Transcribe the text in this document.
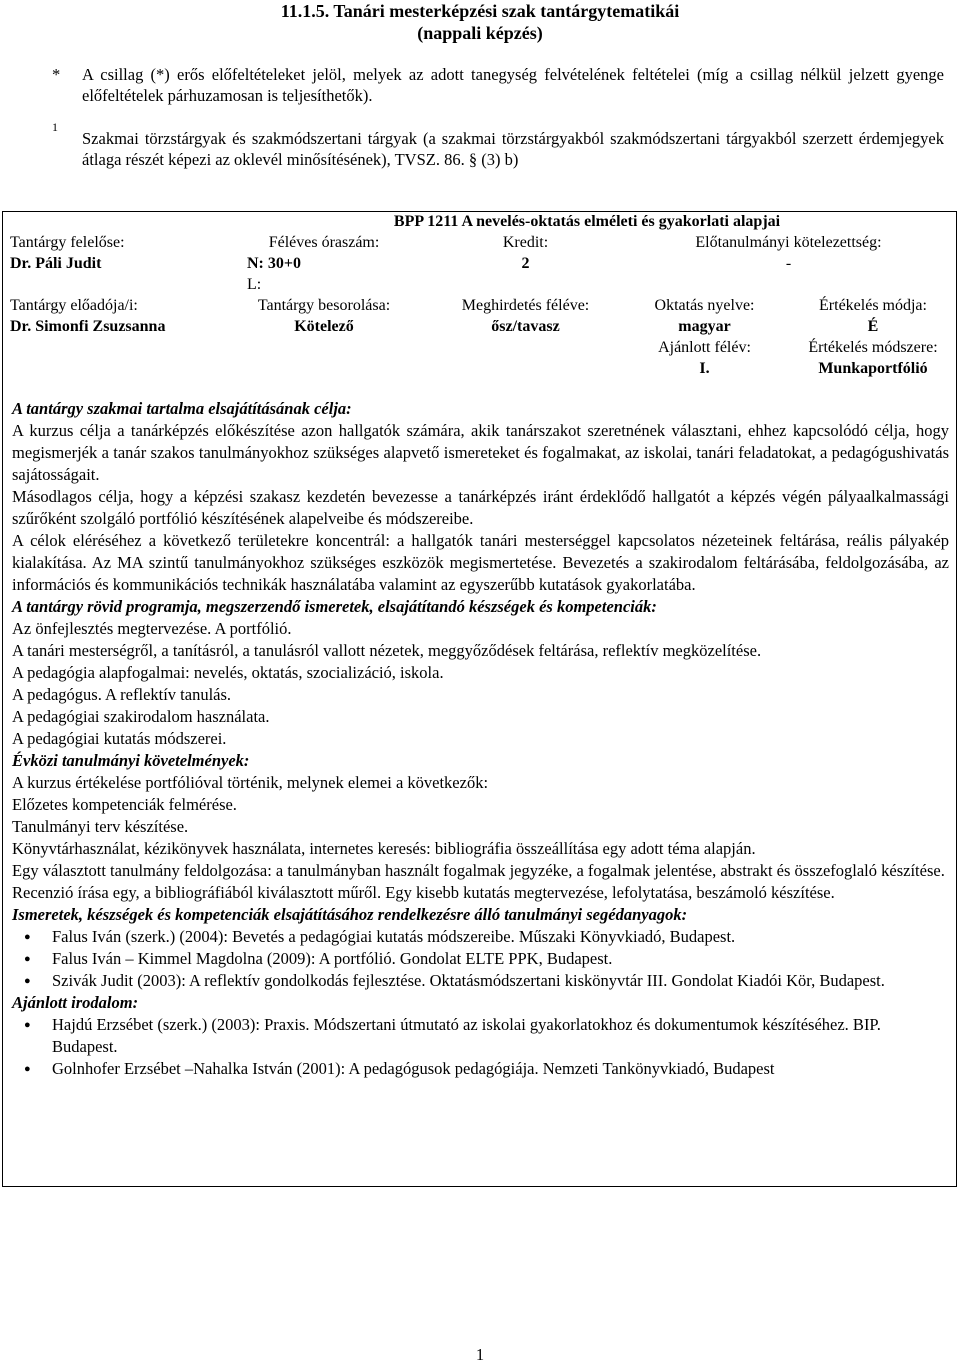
11.1.5. Tanári mesterképzési szak tantárgytematikái
(nappali képzés)
* A csillag (*) erős előfeltételeket jelöl, melyek az adott tanegység felvételének feltételei (míg a csillag nélkül jelzett gyenge előfeltételek párhuzamosan is teljesíthetők).
1
Szakmai törzstárgyak és szakmódszertani tárgyak (a szakmai törzstárgyakból szakmódszertani tárgyakból szerzett érdemjegyek átlaga részét képezi az oklevél minősítésének), TVSZ. 86. § (3) b)
	BPP 1211 A nevelés-oktatás elméleti és gyakorlati alapjai			
Tantárgy felelőse:	Féléves óraszám:	Kredit:	Előtanulmányi kötelezettség:	
Dr. Páli Judit	N: 30+0	2	-	
	L:			
Tantárgy előadója/i:	Tantárgy besorolása:	Meghirdetés féléve:	Oktatás nyelve:	Értékelés módja:
Dr. Simonfi Zsuzsanna	Kötelező	ősz/tavasz	magyar	É
			Ajánlott félév:	Értékelés módszere:
			I.	Munkaportfólió

A tantárgy szakmai tartalma elsajátításának célja:

A kurzus célja a tanárképzés előkészítése azon hallgatók számára, akik tanárszakot szeretnének választani, ehhez kapcsolódó célja, hogy megismerjék a tanár szakos tanulmányokhoz szükséges alapvető ismereteket és fogalmakat, az iskolai, tanári feladatokat, a pedagógushivatás sajátosságait.

Másodlagos célja, hogy a képzési szakasz kezdetén bevezesse a tanárképzés iránt érdeklődő hallgatót a képzés végén pályaalkalmassági szűrőként szolgáló portfólió készítésének alapelveibe és módszereibe.

A célok eléréséhez a következő területekre koncentrál: a hallgatók tanári mesterséggel kapcsolatos nézeteinek feltárása, reális pályakép kialakítása. Az MA szintű tanulmányokhoz szükséges eszközök megismertetése. Bevezetés a szakirodalom feltárásába, feldolgozásába, az információs és kommunikációs technikák használatába valamint az egyszerűbb kutatások gyakorlatába.

A tantárgy rövid programja, megszerzendő ismeretek, elsajátítandó készségek és kompetenciák:

Az önfejlesztés megtervezése. A portfólió.

A tanári mesterségről, a tanításról, a tanulásról vallott nézetek, meggyőződések feltárása, reflektív megközelítése.

A pedagógia alapfogalmai: nevelés, oktatás, szocializáció, iskola.

A pedagógus. A reflektív tanulás.

A pedagógiai szakirodalom használata.

A pedagógiai kutatás módszerei.

Évközi tanulmányi követelmények:

A kurzus értékelése portfólióval történik, melynek elemei a következők:

Előzetes kompetenciák felmérése.

Tanulmányi terv készítése.

Könyvtárhasználat, kézikönyvek használata, internetes keresés: bibliográfia összeállítása egy adott téma alapján.

Egy választott tanulmány feldolgozása: a tanulmányban használt fogalmak jegyzéke, a fogalmak jelentése, abstrakt és összefoglaló készítése.

Recenzió írása egy, a bibliográfiából kiválasztott műről. Egy kisebb kutatás megtervezése, lefolytatása, beszámoló készítése.

Ismeretek, készségek és kompetenciák elsajátításához rendelkezésre álló tanulmányi segédanyagok:

● Falus Iván (szerk.) (2004): Bevetés a pedagógiai kutatás módszereibe. Műszaki Könyvkiadó, Budapest.
● Falus Iván – Kimmel Magdolna (2009): A portfólió. Gondolat ELTE PPK, Budapest.
● Szivák Judit (2003): A reflektív gondolkodás fejlesztése. Oktatásmódszertani kiskönyvtár III. Gondolat Kiadói Kör, Budapest.

Ajánlott irodalom:

● Hajdú Erzsébet (szerk.) (2003): Praxis. Módszertani útmutató az iskolai gyakorlatokhoz és dokumentumok készítéséhez. BIP. Budapest.
● Golnhofer Erzsébet –Nahalka István (2001): A pedagógusok pedagógiája. Nemzeti Tankönyvkiadó, Budapest
1
